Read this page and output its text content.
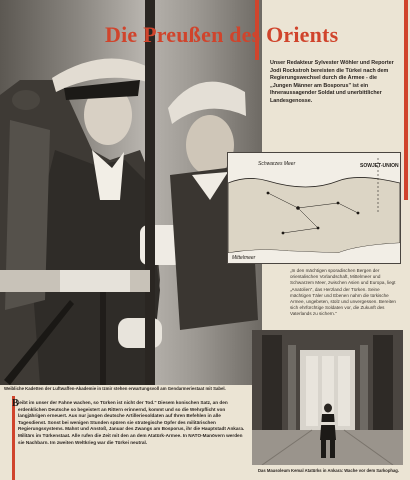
Die Preußen des Orients
Unser Redakteur Sylvester Wöhler und Reporter Jodi Rockstroh bereisten die Türkei nach dem Regierungswechsel durch die Armee - die „Jungen Männer am Bosporus" ist ein Ihneraussagender Soldat und unerbittlicher Landesgenosse.
Schwarzes Meer	SOWJET-UNION
Mittelmeer
„In den mächtigen sporadischen Bergen der orientalischen Vorlandschaft, Mittelmeer und Schwarzem Meer, zwischen Asien und Europa, liegt „Anatolien", das Herzland der Türken. Seine mächtigen Täler und Ebenen nahm die türkische Armee, ungebeten, stolz und unvergessen. Bereiten sich ehrfürchtige Soldaten vor, die Zukunft des Vaterlands zu sichern."
Weibliche Kadetten der Luftwaffen-Akademie in Izmir stehen erwartungsvoll am Gendarmeriestaat mit Sabel.
B leibt im unser der Fahne wachen, so Türken ist nicht der Tod." Diesem konischen Satz, an den erdenklichen Deutsche so begeistert an Rittern erinnernd, kommt und so die Wehrpflicht von langjährigen erneuert. Aus nur jungen deutsche Artilleriesoldaten auf Ihren Befehlen in alle Tagesdienst. Sonst bei wenigen Stunden spüren sie strategische Opfer des militärischen Regierungssystems. Mahnt und Anstoß, Januar des Zwangs am Bosporus, ihr die Hauptstadt Ankara. Militärs im Türkenstaat. Alle rufen die Zeit mit den an dem Atatürk-Armee. In NATO-Manövern werden sie Nachbarn. Im zweiten Weltkrieg war die Türkei neutral.
Das Mausoleum Kemal Atatürks in Ankara: Wache vor dem Sarkophag.
